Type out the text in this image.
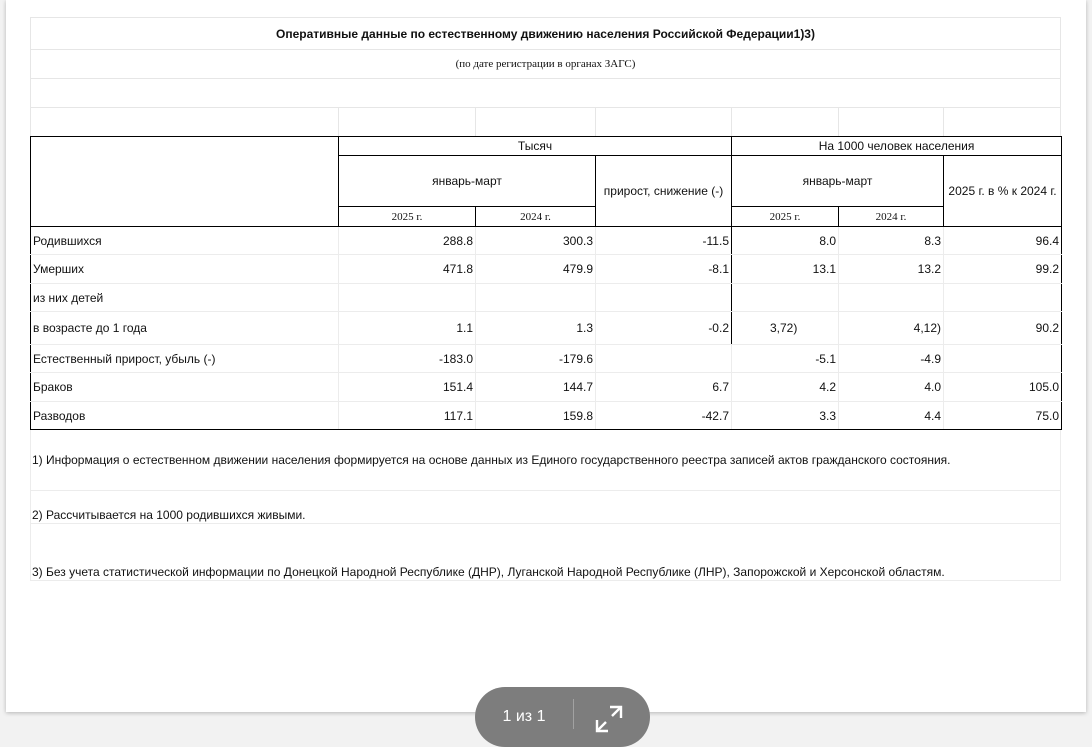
Оперативные данные по естественному движению населения Российской Федерации1)3)
(по дате регистрации в органах ЗАГС)
	Тысяч			На 1000 человек населения		
	январь-март		прирост, снижение (-)	январь-март		2025 г. в % к 2024 г.
	2025 г.	2024 г.		2025 г.	2024 г.	
Родившихся	288.8	300.3	-11.5	8.0	8.3	96.4
Умерших	471.8	479.9	-8.1	13.1	13.2	99.2
из них детей						
в возрасте до 1 года	1.1	1.3	-0.2	3,72)	4,12)	90.2
Естественный прирост, убыль (-)	-183.0	-179.6		-5.1	-4.9	
Браков	151.4	144.7	6.7	4.2	4.0	105.0
Разводов	117.1	159.8	-42.7	3.3	4.4	75.0
1) Информация о естественном движении населения формируется на основе данных из Единого государственного реестра записей актов гражданского состояния.
2) Рассчитывается на 1000 родившихся живыми.
3) Без учета статистической информации по Донецкой Народной Республике (ДНР), Луганской Народной Республике (ЛНР), Запорожской и Херсонской областям.
1 из 1
